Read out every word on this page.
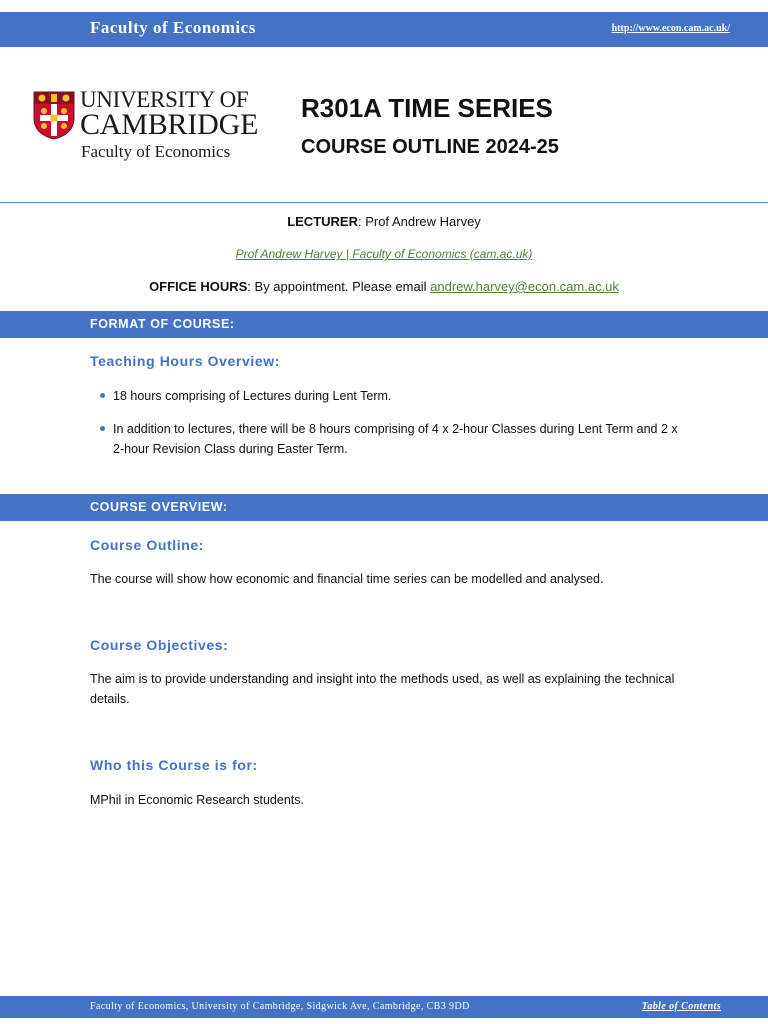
Faculty of Economics	http://www.econ.cam.ac.uk/
UNIVERSITY OF
CAMBRIDGE
Faculty of Economics
R301A TIME SERIES
COURSE OUTLINE 2024-25
LECTURER: Prof Andrew Harvey
Prof Andrew Harvey | Faculty of Economics (cam.ac.uk)
OFFICE HOURS: By appointment. Please email andrew.harvey@econ.cam.ac.uk
FORMAT OF COURSE:
Teaching Hours Overview:
18 hours comprising of Lectures during Lent Term.
In addition to lectures, there will be 8 hours comprising of 4 x 2-hour Classes during Lent Term and 2 x 2-hour Revision Class during Easter Term.
COURSE OVERVIEW:
Course Outline:
The course will show how economic and financial time series can be modelled and analysed.
Course Objectives:
The aim is to provide understanding and insight into the methods used, as well as explaining the technical details.
Who this Course is for:
MPhil in Economic Research students.
Faculty of Economics, University of Cambridge, Sidgwick Ave, Cambridge, CB3 9DD	Table of Contents
